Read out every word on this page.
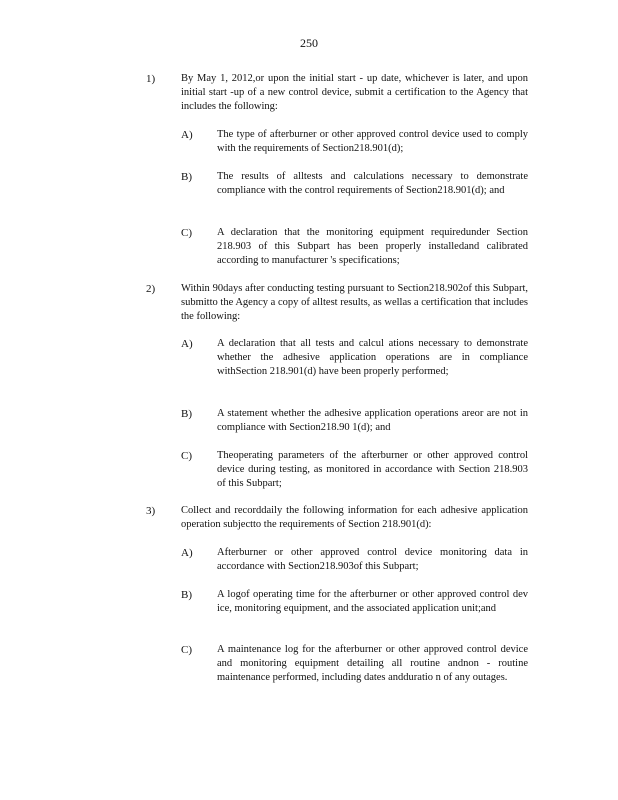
250
1) By May 1, 2012,or upon the initial start - up date, whichever is later, and upon initial start -up of a new control device, submit a certification to the Agency that includes the following:
A) The type of afterburner or other approved control device used to comply with the requirements of Section218.901(d);
B) The results of alltests and calculations necessary to demonstrate compliance with the control requirements of Section218.901(d); and
C) A declaration that the monitoring equipment requiredunder Section 218.903 of this Subpart has been properly installedand calibrated according to manufacturer 's specifications;
2) Within 90days after conducting testing pursuant to Section218.902of this Subpart, submitto the Agency a copy of alltest results, as wellas a certification that includes the following:
A) A declaration that all tests and calcul ations necessary to demonstrate whether the adhesive application operations are in compliance withSection 218.901(d) have been properly performed;
B) A statement whether the adhesive application operations areor are not in compliance with Section218.90 1(d); and
C) Theoperating parameters of the afterburner or other approved control device during testing, as monitored in accordance with Section 218.903 of this Subpart;
3) Collect and recorddaily the following information for each adhesive application operation subjectto the requirements of Section 218.901(d):
A) Afterburner or other approved control device monitoring data in accordance with Section218.903of this Subpart;
B) A logof operating time for the afterburner or other approved control dev ice, monitoring equipment, and the associated application unit;and
C) A maintenance log for the afterburner or other approved control device and monitoring equipment detailing all routine andnon - routine maintenance performed, including dates andduratio n of any outages.
